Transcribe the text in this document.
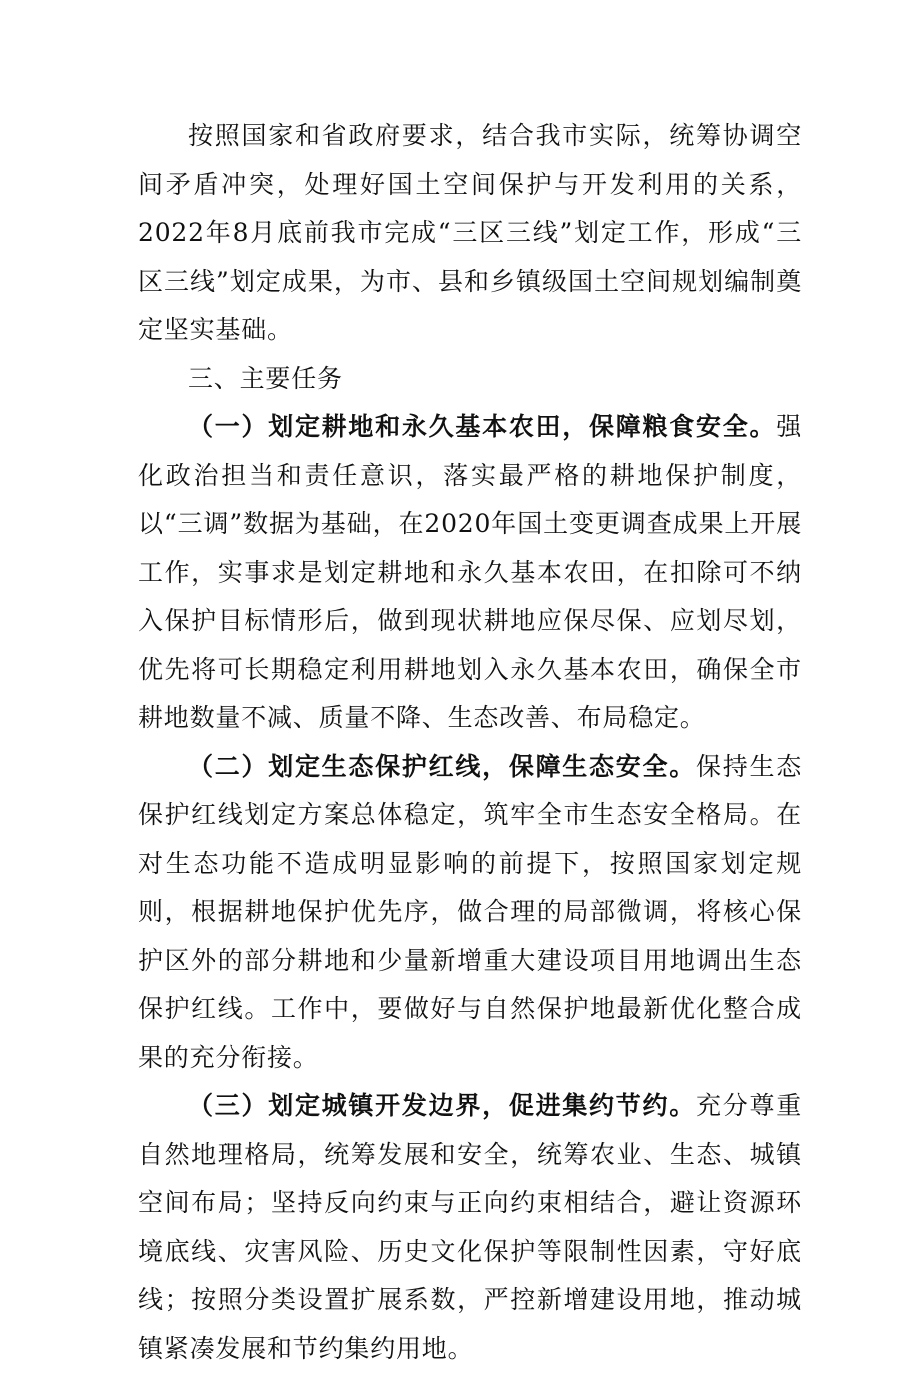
按照国家和省政府要求，结合我市实际，统筹协调空间矛盾冲突，处理好国土空间保护与开发利用的关系，2022年8月底前我市完成“三区三线”划定工作，形成“三区三线”划定成果，为市、县和乡镇级国土空间规划编制奠定坚实基础。

三、主要任务

（一）划定耕地和永久基本农田，保障粮食安全。强化政治担当和责任意识，落实最严格的耕地保护制度，以“三调”数据为基础，在2020年国土变更调查成果上开展工作，实事求是划定耕地和永久基本农田，在扣除可不纳入保护目标情形后，做到现状耕地应保尽保、应划尽划，优先将可长期稳定利用耕地划入永久基本农田，确保全市耕地数量不减、质量不降、生态改善、布局稳定。

（二）划定生态保护红线，保障生态安全。保持生态保护红线划定方案总体稳定，筑牢全市生态安全格局。在对生态功能不造成明显影响的前提下，按照国家划定规则，根据耕地保护优先序，做合理的局部微调，将核心保护区外的部分耕地和少量新增重大建设项目用地调出生态保护红线。工作中，要做好与自然保护地最新优化整合成果的充分衔接。

（三）划定城镇开发边界，促进集约节约。充分尊重自然地理格局，统筹发展和安全，统筹农业、生态、城镇空间布局；坚持反向约束与正向约束相结合，避让资源环境底线、灾害风险、历史文化保护等限制性因素，守好底线；按照分类设置扩展系数，严控新增建设用地，推动城镇紧凑发展和节约集约用地。
